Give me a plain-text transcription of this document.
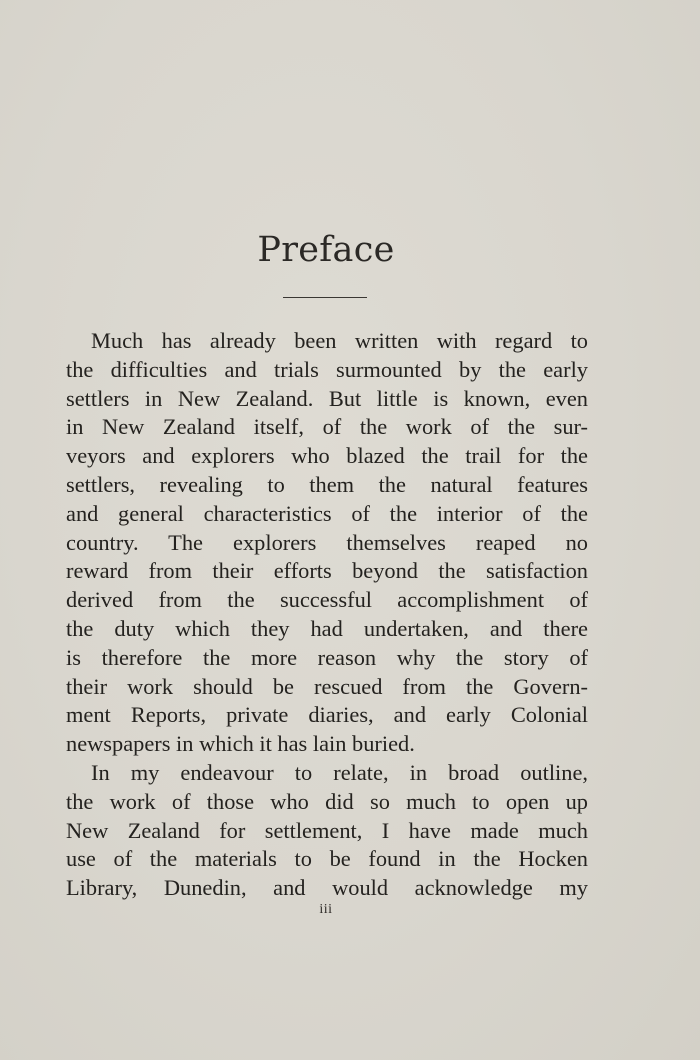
Preface
Much has already been written with regard to
the difficulties and trials surmounted by the early
settlers in New Zealand. But little is known, even
in New Zealand itself, of the work of the sur-
veyors and explorers who blazed the trail for the
settlers, revealing to them the natural features
and general characteristics of the interior of the
country. The explorers themselves reaped no
reward from their efforts beyond the satisfaction
derived from the successful accomplishment of
the duty which they had undertaken, and there
is therefore the more reason why the story of
their work should be rescued from the Govern-
ment Reports, private diaries, and early Colonial
newspapers in which it has lain buried.
In my endeavour to relate, in broad outline,
the work of those who did so much to open up
New Zealand for settlement, I have made much
use of the materials to be found in the Hocken
Library, Dunedin, and would acknowledge my
iii
